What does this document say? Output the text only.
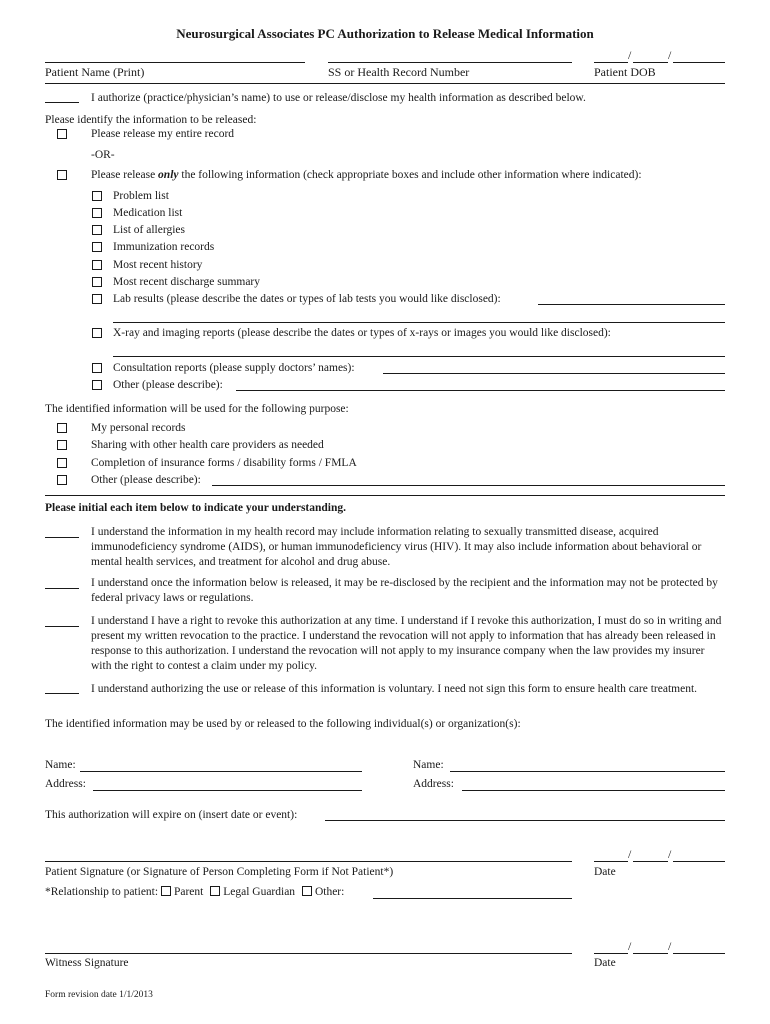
Neurosurgical Associates PC Authorization to Release Medical Information
/	/
Patient Name (Print)	SS or Health Record Number	Patient DOB
I authorize (practice/physician’s name) to use or release/disclose my health information as described below.
Please identify the information to be released:
Please release my entire record
-OR-
Please release only the following information (check appropriate boxes and include other information where indicated):
Problem list
Medication list
List of allergies
Immunization records
Most recent history
Most recent discharge summary
Lab results (please describe the dates or types of lab tests you would like disclosed):
X-ray and imaging reports (please describe the dates or types of x-rays or images you would like disclosed):
Consultation reports (please supply doctors’ names):
Other (please describe):
The identified information will be used for the following purpose:
My personal records
Sharing with other health care providers as needed
Completion of insurance forms / disability forms / FMLA
Other (please describe):
Please initial each item below to indicate your understanding.
I understand the information in my health record may include information relating to sexually transmitted disease, acquired immunodeficiency syndrome (AIDS), or human immunodeficiency virus (HIV). It may also include information about behavioral or mental health services, and treatment for alcohol and drug abuse.
I understand once the information below is released, it may be re-disclosed by the recipient and the information may not be protected by federal privacy laws or regulations.
I understand I have a right to revoke this authorization at any time. I understand if I revoke this authorization, I must do so in writing and present my written revocation to the practice. I understand the revocation will not apply to information that has already been released in response to this authorization. I understand the revocation will not apply to my insurance company when the law provides my insurer with the right to contest a claim under my policy.
I understand authorizing the use or release of this information is voluntary. I need not sign this form to ensure health care treatment.
The identified information may be used by or released to the following individual(s) or organization(s):
Name:
Address:
Name:
Address:
This authorization will expire on (insert date or event):
/	/
Patient Signature (or Signature of Person Completing Form if Not Patient*)	Date
*Relationship to patient: Parent Legal Guardian Other:
/	/
Witness Signature	Date
Form revision date 1/1/2013
